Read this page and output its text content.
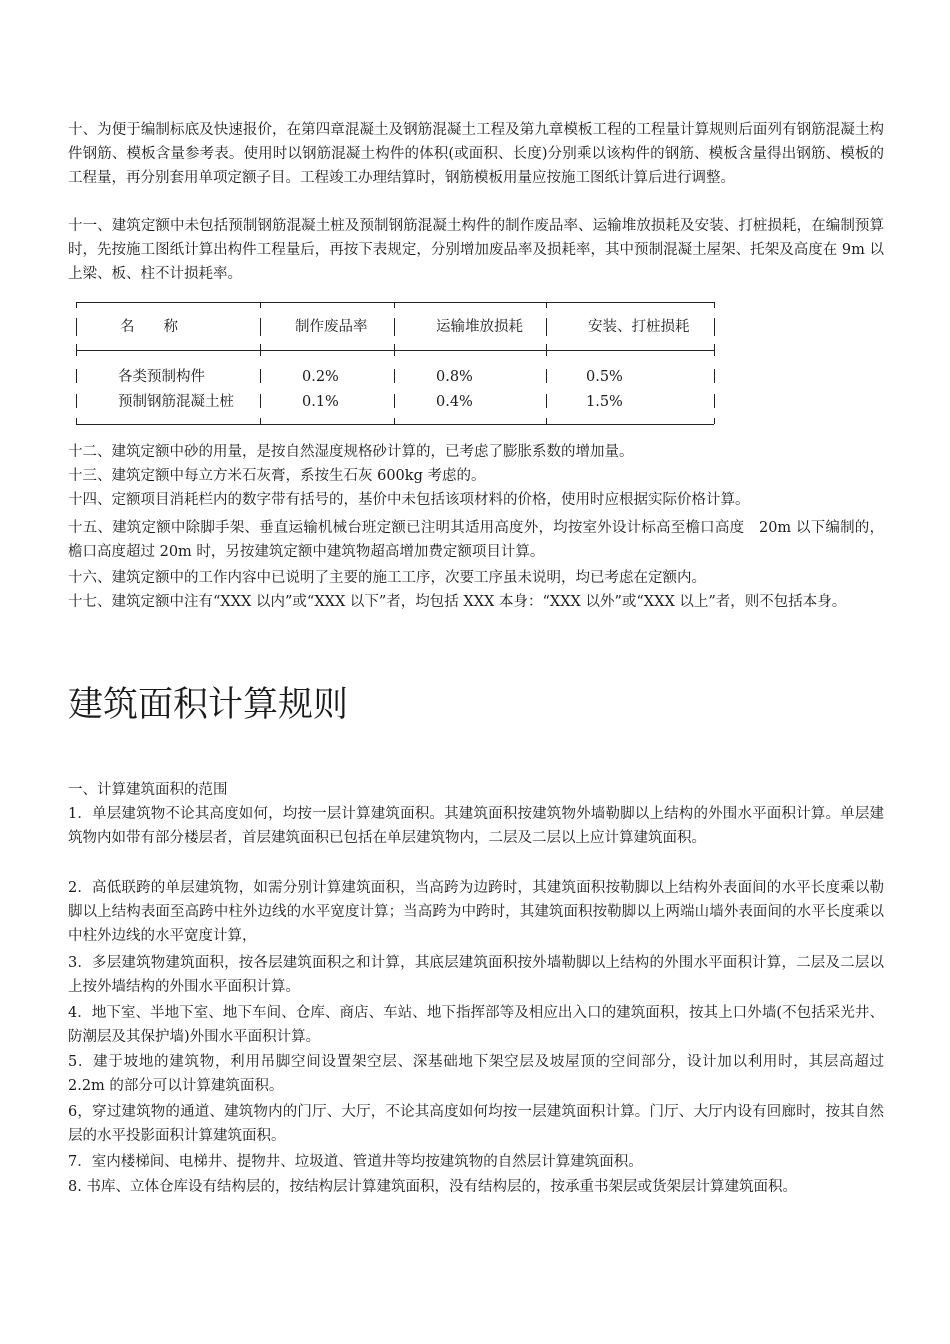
十、为便于编制标底及快速报价，在第四章混凝土及钢筋混凝土工程及第九章模板工程的工程量计算规则后面列有钢筋混凝土构件钢筋、模板含量参考表。使用时以钢筋混凝土构件的体积(或面积、长度)分别乘以该构件的钢筋、模板含量得出钢筋、模板的工程量，再分别套用单项定额子目。工程竣工办理结算时，钢筋模板用量应按施工图纸计算后进行调整。

十一、建筑定额中未包括预制钢筋混凝土桩及预制钢筋混凝土构件的制作废品率、运输堆放损耗及安装、打桩损耗，在编制预算时，先按施工图纸计算出构件工程量后，再按下表规定，分别增加废品率及损耗率，其中预制混凝土屋架、托架及高度在 9m 以上梁、板、柱不计损耗率。

名　　称	制作废品率	运输堆放损耗	安装、打桩损耗
各类预制构件	0.2%	0.8%	0.5%
预制钢筋混凝土桩	0.1%	0.4%	1.5%

十二、建筑定额中砂的用量，是按自然湿度规格砂计算的，已考虑了膨胀系数的增加量。

十三、建筑定额中每立方米石灰膏，系按生石灰 600kg 考虑的。

十四、定额项目消耗栏内的数字带有括号的，基价中未包括该项材料的价格，使用时应根据实际价格计算。

十五、建筑定额中除脚手架、垂直运输机械台班定额已注明其适用高度外，均按室外设计标高至檐口高度　20m 以下编制的，檐口高度超过 20m 时，另按建筑定额中建筑物超高增加费定额项目计算。

十六、建筑定额中的工作内容中已说明了主要的施工工序，次要工序虽未说明，均已考虑在定额内。

十七、建筑定额中注有“XXX 以内”或“XXX 以下”者，均包括 XXX 本身：“XXX 以外”或“XXX 以上”者，则不包括本身。

建筑面积计算规则

一、计算建筑面积的范围

1．单层建筑物不论其高度如何，均按一层计算建筑面积。其建筑面积按建筑物外墙勒脚以上结构的外围水平面积计算。单层建筑物内如带有部分楼层者，首层建筑面积已包括在单层建筑物内，二层及二层以上应计算建筑面积。

2．高低联跨的单层建筑物，如需分别计算建筑面积，当高跨为边跨时，其建筑面积按勒脚以上结构外表面间的水平长度乘以勒脚以上结构表面至高跨中柱外边线的水平宽度计算；当高跨为中跨时，其建筑面积按勒脚以上两端山墙外表面间的水平长度乘以中柱外边线的水平宽度计算，

3．多层建筑物建筑面积，按各层建筑面积之和计算，其底层建筑面积按外墙勒脚以上结构的外围水平面积计算，二层及二层以上按外墙结构的外围水平面积计算。

4．地下室、半地下室、地下车间、仓库、商店、车站、地下指挥部等及相应出入口的建筑面积，按其上口外墙(不包括采光井、防潮层及其保护墙)外围水平面积计算。

5．建于坡地的建筑物，利用吊脚空间设置架空层、深基础地下架空层及坡屋顶的空间部分，设计加以利用时，其层高超过 2.2m 的部分可以计算建筑面积。

6，穿过建筑物的通道、建筑物内的门厅、大厅，不论其高度如何均按一层建筑面积计算。门厅、大厅内设有回廊时，按其自然层的水平投影面积计算建筑面积。

7．室内楼梯间、电梯井、提物井、垃圾道、管道井等均按建筑物的自然层计算建筑面积。

8. 书库、立体仓库设有结构层的，按结构层计算建筑面积，没有结构层的，按承重书架层或货架层计算建筑面积。
